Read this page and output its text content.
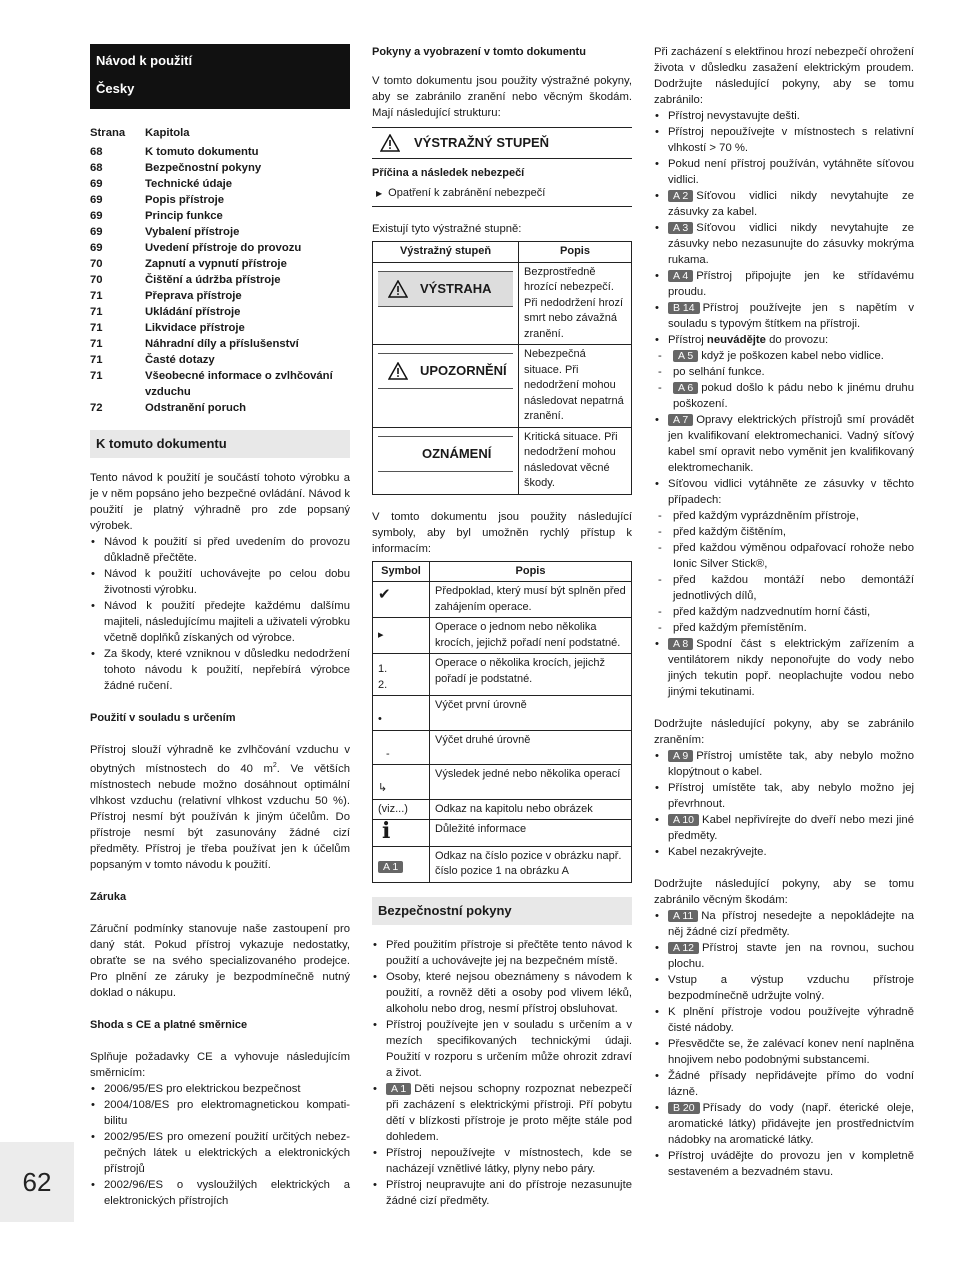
Návod k použití
Česky
Strana	Kapitola

68	K tomuto dokumentu
68	Bezpečnostní pokyny
69	Technické údaje
69	Popis přístroje
69	Princip funkce
69	Vybalení přístroje
69	Uvedení přístroje do provozu
70	Zapnutí a vypnutí přístroje
70	Čištění a údržba přístroje
71	Přeprava přístroje
71	Ukládání přístroje
71	Likvidace přístroje
71	Náhradní díly a příslušenství
71	Časté dotazy
71	Všeobecné informace o zvlhčování vzduchu
72	Odstranění poruch
K tomuto dokumentu

Tento návod k použití je součástí tohoto výrobku a je v něm popsáno jeho bezpečné ovládání. Návod k použití je platný výhradně pro zde popsaný výrobek.

• Návod k použití si před uvedením do provozu důkladně přečtěte.
• Návod k použití uchovávejte po celou dobu životnosti výrobku.
• Návod k použití předejte každému dalšímu majiteli, následujícímu majiteli a uživateli výrobku včetně doplňků získaných od výrobce.
• Za škody, které vzniknou v důsledku nedodržení tohoto návodu k použití, nepřebírá výrobce žádné ručení.
Použití v souladu s určením

Přístroj slouží výhradně ke zvlhčování vzduchu v obytných místnostech do 40 $m^2$. Ve větších místnostech nebude možno dosáhnout optimální vlhkost vzduchu (relativní vlhkost vzduchu 50 %). Přístroj nesmí být používán k jiným účelům. Do přístroje nesmí být zasunovány žádné cizí předměty. Přístroj je třeba používat jen k účelům popsaným v tomto návodu k použití.

Záruka

Záruční podmínky stanovuje naše zastoupení pro daný stát. Pokud přístroj vykazuje nedostatky, obraťte se na svého specializovaného prodejce. Pro plnění ze záruky je bezpodmínečně nutný doklad o nákupu.

Shoda s CE a platné směrnice

Splňuje požadavky CE a vyhovuje následujícím směrnicím:

• 2006/95/ES pro elektrickou bezpečnost
• 2004/108/ES pro elektromagnetickou kompati-bilitu
• 2002/95/ES pro omezení použití určitých nebez-pečných látek u elektrických a elektronických přístrojů
• 2002/96/ES o vysloužilých elektrických a elektronických přístrojích
Pokyny a vyobrazení v tomto dokumentu

V tomto dokumentu jsou použity výstražné pokyny, aby se zabránilo zranění nebo věcným škodám. Mají následující strukturu:

VÝSTRAŽNÝ STUPEŇ
Příčina a následek nebezpečí
▶ Opatření k zabránění nebezpečí

Existují tyto výstražné stupně:

Výstražný stupeň	Popis

VÝSTRAHA	Bezprostředně hrozící nebezpečí. Při nedodržení hrozí smrt nebo závažná zranění.

UPOZORNĚNÍ	Nebezpečná situace. Při nedodržení mohou následovat nepatrná zranění.

OZNÁMENÍ	Kritická situace. Při nedodržení mohou následovat věcné škody.

V tomto dokumentu jsou použity následující symboly, aby byl umožněn rychlý přístup k informacím:

Symbol	Popis
✔	Předpoklad, který musí být splněn před zahájením operace.
▸	Operace o jednom nebo několika krocích, jejichž pořadí není podstatné.
1.
2.	Operace o několika krocích, jejichž pořadí je podstatné.
•	Výčet první úrovně
-	Výčet druhé úrovně
↳	Výsledek jedné nebo několika operací
(viz...)	Odkaz na kapitolu nebo obrázek
i	Důležité informace
A 1	Odkaz na číslo pozice v obrázku např. číslo pozice 1 na obrázku A
Bezpečnostní pokyny
• Před použitím přístroje si přečtěte tento návod k použití a uchovávejte jej na bezpečném místě.
• Osoby, které nejsou obeznámeny s návodem k použití, a rovněž děti a osoby pod vlivem léků, alkoholu nebo drog, nesmí přístroj obsluhovat.
• Přístroj používejte jen v souladu s určením a v mezích specifikovaných technickými údaji. Použití v rozporu s určením může ohrozit zdraví a život.
• A 1 Děti nejsou schopny rozpoznat nebezpečí při zacházení s elektrickými přístroji. Pří pobytu dětí v blízkosti přístroje je proto mějte stále pod dohledem.
• Přístroj nepoužívejte v místnostech, kde se nacházejí vznětlivé látky, plyny nebo páry.
• Přístroj neupravujte ani do přístroje nezasunujte žádné cizí předměty.

Při zacházení s elektřinou hrozí nebezpečí ohrožení života v důsledku zasažení elektrickým proudem. Dodržujte následující pokyny, aby se tomu zabránilo:

• Přístroj nevystavujte dešti.
• Přístroj nepoužívejte v místnostech s relativní vlhkostí > 70 %.
• Pokud není přístroj používán, vytáhněte síťovou vidlici.
• A 2 Síťovou vidlici nikdy nevytahujte ze zásuvky za kabel.
• A 3 Síťovou vidlici nikdy nevytahujte ze zásuvky nebo nezasunujte do zásuvky mokrýma rukama.
• A 4 Přístroj připojujte jen ke střídavému proudu.
• B 14 Přístroj používejte jen s napětím v souladu s typovým štítkem na přístroji.
• Přístroj neuvádějte do provozu:
- A 5 když je poškozen kabel nebo vidlice.
- po selhání funkce.
- A 6 pokud došlo k pádu nebo k jinému druhu poškození.
• A 7 Opravy elektrických přístrojů smí provádět jen kvalifikovaní elektromechanici. Vadný síťový kabel smí opravit nebo vyměnit jen kvalifikovaný elektromechanik.
• Síťovou vidlici vytáhněte ze zásuvky v těchto případech:
- před každým vyprázdněním přístroje,
- před každým čištěním,
- před každou výměnou odpařovací rohože nebo Ionic Silver Stick®,
- před každou montáží nebo demontáží jednotlivých dílů,
- před každým nadzvednutím horní části,
- před každým přemístěním.
• A 8 Spodní část s elektrickým zařízením a ventilátorem nikdy neponořujte do vody nebo jiných tekutin popř. neoplachujte vodou nebo jinými tekutinami.

Dodržujte následující pokyny, aby se zabránilo zraněním:

• A 9 Přístroj umístěte tak, aby nebylo možno klopýtnout o kabel.
• Přístroj umístěte tak, aby nebylo možno jej převrhnout.
• A 10 Kabel nepřivírejte do dveří nebo mezi jiné předměty.
• Kabel nezakrývejte.

Dodržujte následující pokyny, aby se tomu zabránilo věcným škodám:

• A 11 Na přístroj nesedejte a nepokládejte na něj žádné cizí předměty.
• A 12 Přístroj stavte jen na rovnou, suchou plochu.
• Vstup a výstup vzduchu přístroje bezpodmínečně udržujte volný.
• K plnění přístroje vodou používejte výhradně čisté nádoby.
• Přesvědčte se, že zalévací konev není naplněna hnojivem nebo podobnými substancemi.
• Žádné přísady nepřidávejte přímo do vodní lázně.
• B 20 Přísady do vody (např. éterické oleje, aromatické látky) přidávejte jen prostřednictvím nádobky na aromatické látky.
• Přístroj uvádějte do provozu jen v kompletně sestaveném a bezvadném stavu.
62
